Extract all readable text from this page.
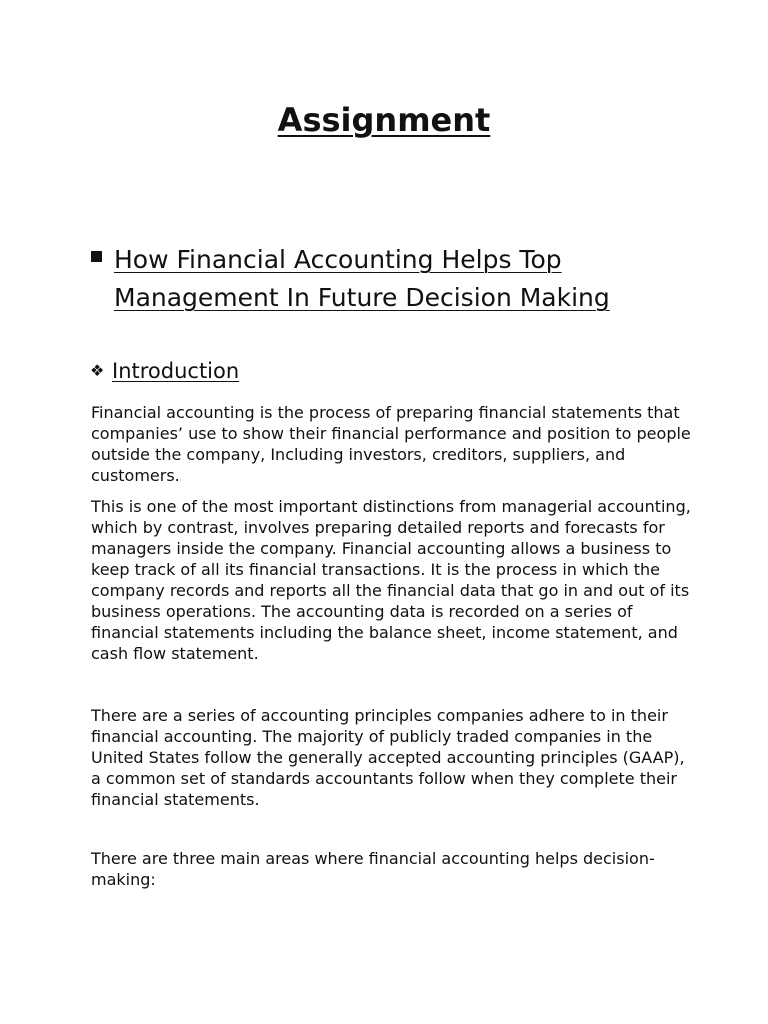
Assignment
How Financial Accounting Helps Top Management In Future Decision Making
❖ Introduction

Financial accounting is the process of preparing financial statements that companies’ use to show their financial performance and position to people outside the company, Including investors, creditors, suppliers, and customers.

This is one of the most important distinctions from managerial accounting, which by contrast, involves preparing detailed reports and forecasts for managers inside the company. Financial accounting allows a business to keep track of all its financial transactions. It is the process in which the company records and reports all the financial data that go in and out of its business operations. The accounting data is recorded on a series of financial statements including the balance sheet, income statement, and cash flow statement.

There are a series of accounting principles companies adhere to in their financial accounting. The majority of publicly traded companies in the United States follow the generally accepted accounting principles (GAAP), a common set of standards accountants follow when they complete their financial statements.

There are three main areas where financial accounting helps decision-making:
